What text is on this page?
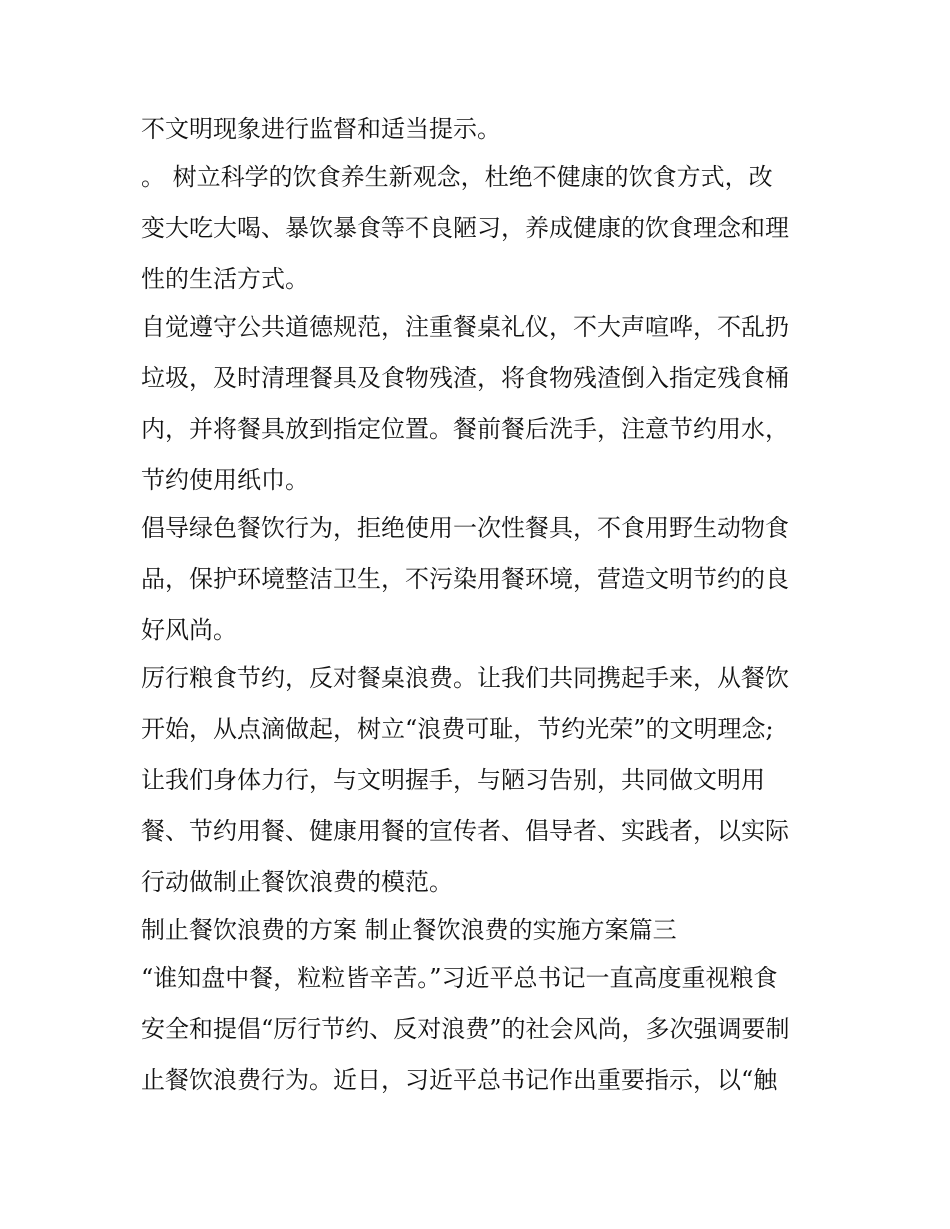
不文明现象进行监督和适当提示。
。 树立科学的饮食养生新观念，杜绝不健康的饮食方式，改
变大吃大喝、暴饮暴食等不良陋习，养成健康的饮食理念和理
性的生活方式。
自觉遵守公共道德规范，注重餐桌礼仪，不大声喧哗，不乱扔
垃圾，及时清理餐具及食物残渣，将食物残渣倒入指定残食桶
内，并将餐具放到指定位置。餐前餐后洗手，注意节约用水，
节约使用纸巾。
倡导绿色餐饮行为，拒绝使用一次性餐具，不食用野生动物食
品，保护环境整洁卫生，不污染用餐环境，营造文明节约的良
好风尚。
厉行粮食节约，反对餐桌浪费。让我们共同携起手来，从餐饮
开始，从点滴做起，树立“浪费可耻，节约光荣”的文明理念;
让我们身体力行，与文明握手，与陋习告别，共同做文明用
餐、节约用餐、健康用餐的宣传者、倡导者、实践者，以实际
行动做制止餐饮浪费的模范。
制止餐饮浪费的方案 制止餐饮浪费的实施方案篇三
“谁知盘中餐，粒粒皆辛苦。”习近平总书记一直高度重视粮食
安全和提倡“厉行节约、反对浪费”的社会风尚，多次强调要制
止餐饮浪费行为。近日，习近平总书记作出重要指示，以“触
